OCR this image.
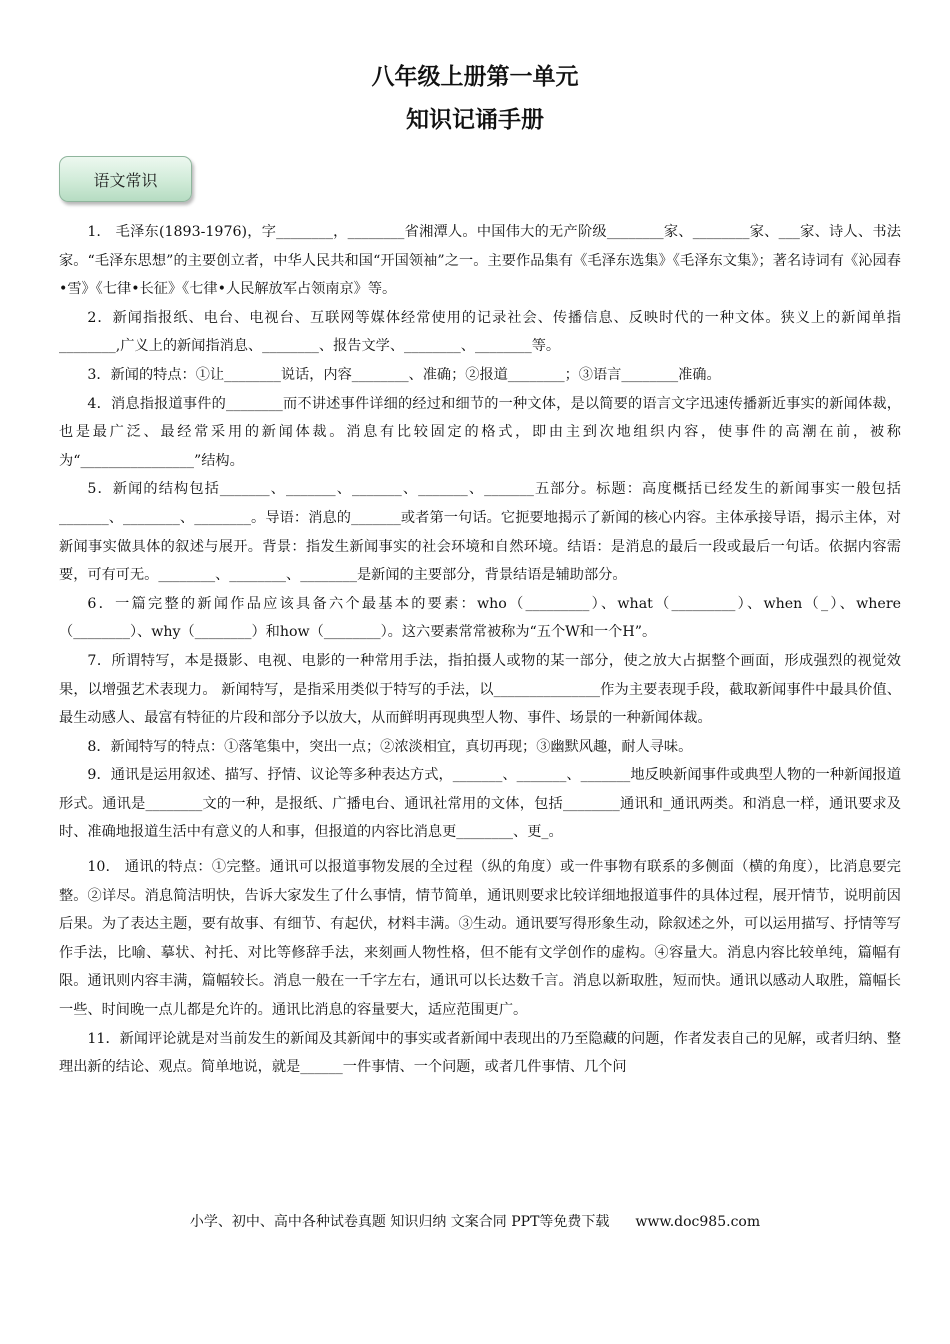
八年级上册第一单元
知识记诵手册
语文常识

1.　毛泽东(1893-1976)，字________，________省湘潭人。中国伟大的无产阶级________家、________家、___家、诗人、书法家。“毛泽东思想”的主要创立者，中华人民共和国“开国领袖”之一。主要作品集有《毛泽东选集》《毛泽东文集》；著名诗词有《沁园春•雪》《七律•长征》《七律•人民解放军占领南京》等。

2．新闻指报纸、电台、电视台、互联网等媒体经常使用的记录社会、传播信息、反映时代的一种文体。狭义上的新闻单指________,广义上的新闻指消息、________、报告文学、________、________等。

3．新闻的特点：①让________说话，内容________、准确；②报道________；③语言________准确。

4．消息指报道事件的________而不讲述事件详细的经过和细节的一种文体，是以简要的语言文字迅速传播新近事实的新闻体裁，也是最广泛、最经常采用的新闻体裁。消息有比较固定的格式，即由主到次地组织内容，使事件的高潮在前，被称为“________________”结构。

5．新闻的结构包括_______、_______、_______、_______、_______五部分。标题：高度概括已经发生的新闻事实一般包括_______、________、________。导语：消息的_______或者第一句话。它扼要地揭示了新闻的核心内容。主体承接导语，揭示主体，对新闻事实做具体的叙述与展开。背景：指发生新闻事实的社会环境和自然环境。结语：是消息的最后一段或最后一句话。依据内容需要，可有可无。________、________、________是新闻的主要部分，背景结语是辅助部分。

6．一篇完整的新闻作品应该具备六个最基本的要素：who（_________）、what（_________）、when（_）、where（________）、why（________）和how（________）。这六要素常常被称为“五个W和一个H”。

7．所谓特写，本是摄影、电视、电影的一种常用手法，指拍摄人或物的某一部分，使之放大占据整个画面，形成强烈的视觉效果，以增强艺术表现力。 新闻特写，是指采用类似于特写的手法，以_______________作为主要表现手段，截取新闻事件中最具价值、最生动感人、最富有特征的片段和部分予以放大，从而鲜明再现典型人物、事件、场景的一种新闻体裁。

8．新闻特写的特点：①落笔集中，突出一点；②浓淡相宜，真切再现；③幽默风趣，耐人寻味。

9．通讯是运用叙述、描写、抒情、议论等多种表达方式，_______、_______、_______地反映新闻事件或典型人物的一种新闻报道形式。通讯是________文的一种，是报纸、广播电台、通讯社常用的文体，包括________通讯和_通讯两类。和消息一样，通讯要求及时、准确地报道生活中有意义的人和事，但报道的内容比消息更________、更_。

10.　通讯的特点：①完整。通讯可以报道事物发展的全过程（纵的角度）或一件事物有联系的多侧面（横的角度），比消息要完整。②详尽。消息简洁明快，告诉大家发生了什么事情，情节简单，通讯则要求比较详细地报道事件的具体过程，展开情节，说明前因后果。为了表达主题，要有故事、有细节、有起伏，材料丰满。③生动。通讯要写得形象生动，除叙述之外，可以运用描写、抒情等写作手法，比喻、摹状、衬托、对比等修辞手法，来刻画人物性格，但不能有文学创作的虚构。④容量大。消息内容比较单纯，篇幅有限。通讯则内容丰满，篇幅较长。消息一般在一千字左右，通讯可以长达数千言。消息以新取胜，短而快。通讯以感动人取胜，篇幅长一些、时间晚一点儿都是允许的。通讯比消息的容量要大，适应范围更广。

11．新闻评论就是对当前发生的新闻及其新闻中的事实或者新闻中表现出的乃至隐藏的问题，作者发表自己的见解，或者归纳、整理出新的结论、观点。简单地说，就是______一件事情、一个问题，或者几件事情、几个问

小学、初中、高中各种试卷真题 知识归纳 文案合同 PPT等免费下载 www.doc985.com
